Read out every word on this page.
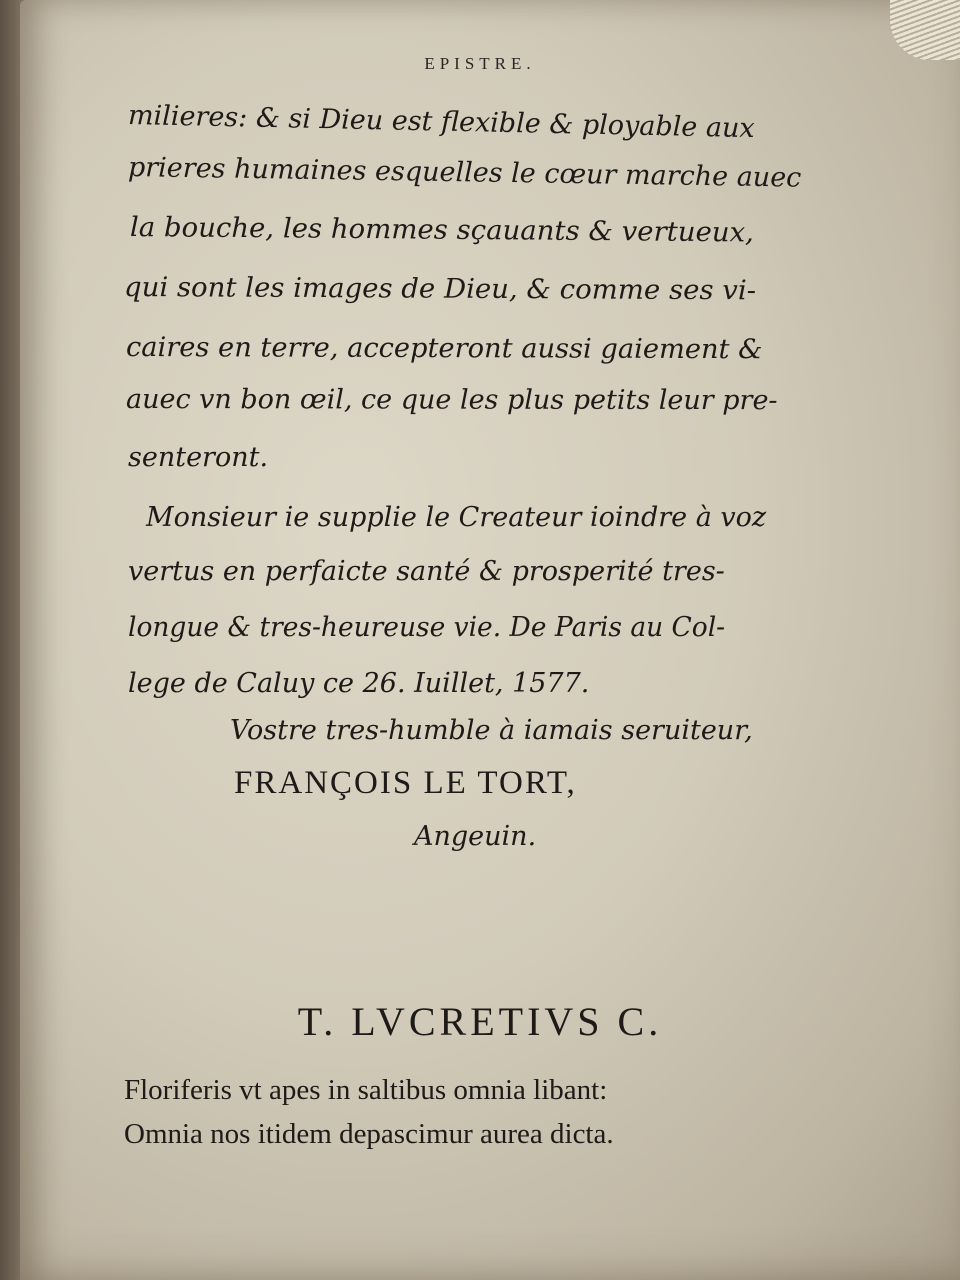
​
EPISTRE.
milieres: & si Dieu est flexible & ployable aux
prieres humaines esquelles le cœur marche auec
la bouche, les hommes sçauants & vertueux,
qui sont les images de Dieu, & comme ses vi-
caires en terre, accepteront aussi gaiement &
auec vn bon œil, ce que les plus petits leur pre-
senteront.
Monsieur ie supplie le Createur ioindre à voz
vertus en perfaicte santé & prosperité tres-
longue & tres-heureuse vie. De Paris au Col-
lege de Caluy ce 26. Iuillet, 1577.
Vostre tres-humble à iamais seruiteur,
FRANÇOIS LE TORT,
Angeuin.
T. LVCRETIVS C.
Floriferis vt apes in saltibus omnia libant:
Omnia nos itidem depascimur aurea dicta.
